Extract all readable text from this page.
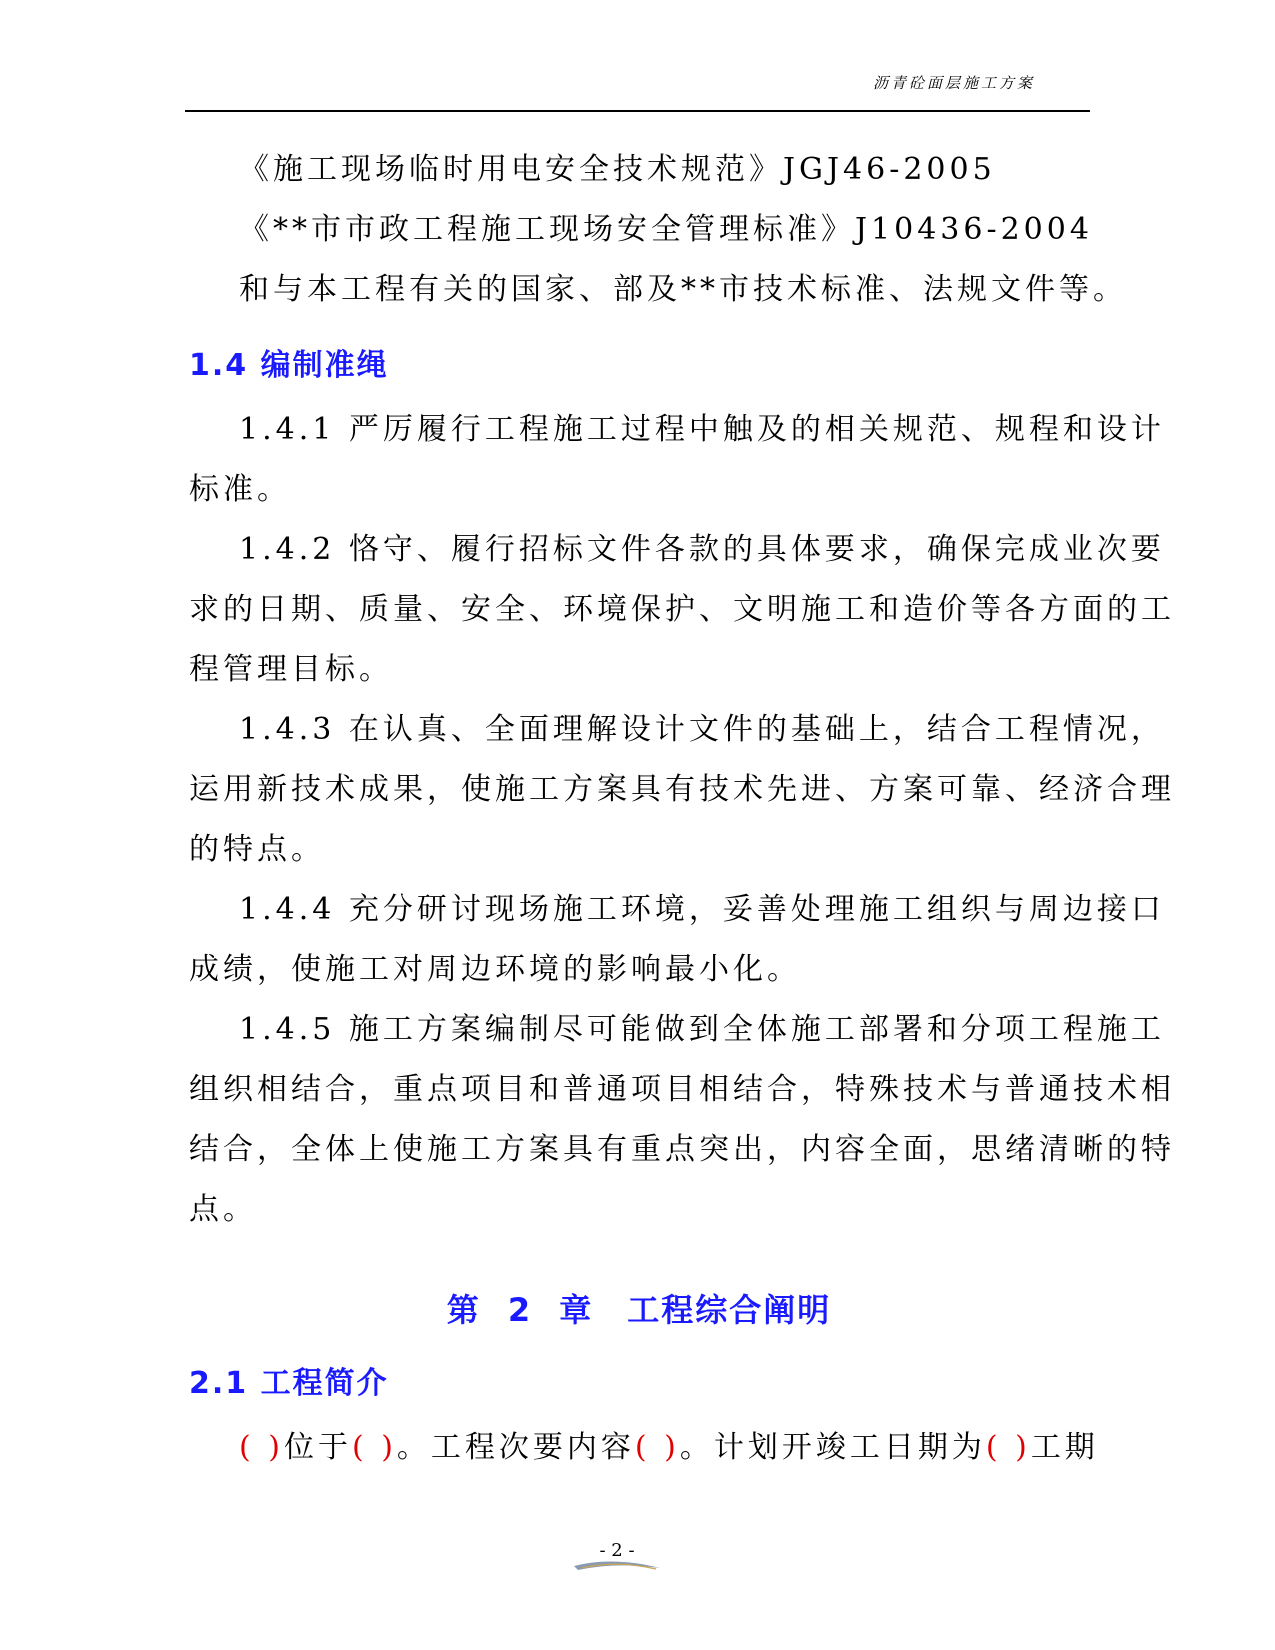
沥青砼面层施工方案
《施工现场临时用电安全技术规范》JGJ46-2005
《**市市政工程施工现场安全管理标准》J10436-2004
和与本工程有关的国家、部及**市技术标准、法规文件等。
1.4 编制准绳
1.4.1 严厉履行工程施工过程中触及的相关规范、规程和设计
标准。
1.4.2 恪守、履行招标文件各款的具体要求，确保完成业次要
求的日期、质量、安全、环境保护、文明施工和造价等各方面的工
程管理目标。
1.4.3 在认真、全面理解设计文件的基础上，结合工程情况，
运用新技术成果，使施工方案具有技术先进、方案可靠、经济合理
的特点。
1.4.4 充分研讨现场施工环境，妥善处理施工组织与周边接口
成绩，使施工对周边环境的影响最小化。
1.4.5 施工方案编制尽可能做到全体施工部署和分项工程施工
组织相结合，重点项目和普通项目相结合，特殊技术与普通技术相
结合，全体上使施工方案具有重点突出，内容全面，思绪清晰的特
点。
第 2 章　工程综合阐明
2.1 工程简介
( )位于( )。工程次要内容( )。计划开竣工日期为( )工期
- 2 -
